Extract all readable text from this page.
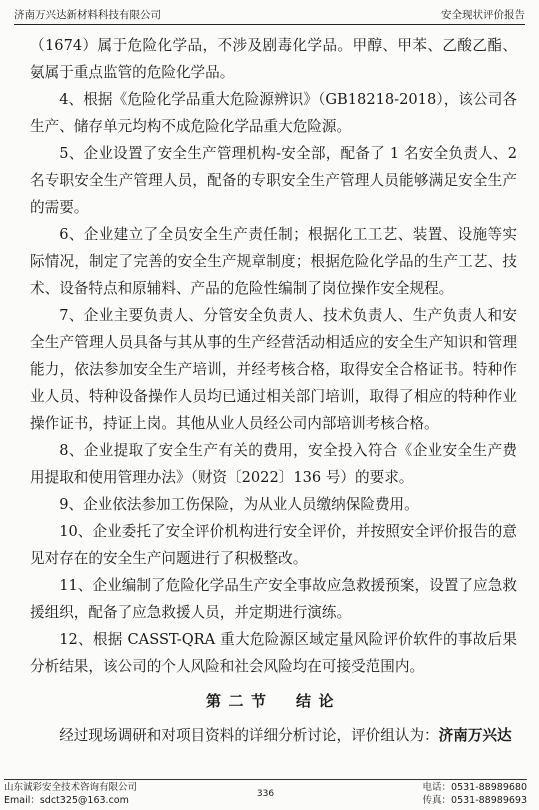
济南万兴达新材料科技有限公司	安全现状评价报告

（1674）属于危险化学品，不涉及剧毒化学品。甲醇、甲苯、乙酸乙酯、氨属于重点监管的危险化学品。

4、根据《危险化学品重大危险源辨识》（GB18218-2018），该公司各生产、储存单元均构不成危险化学品重大危险源。

5、企业设置了安全生产管理机构-安全部，配备了 1 名安全负责人、2 名专职安全生产管理人员，配备的专职安全生产管理人员能够满足安全生产的需要。

6、企业建立了全员安全生产责任制；根据化工工艺、装置、设施等实际情况，制定了完善的安全生产规章制度；根据危险化学品的生产工艺、技术、设备特点和原辅料、产品的危险性编制了岗位操作安全规程。

7、企业主要负责人、分管安全负责人、技术负责人、生产负责人和安全生产管理人员具备与其从事的生产经营活动相适应的安全生产知识和管理能力，依法参加安全生产培训，并经考核合格，取得安全合格证书。特种作业人员、特种设备操作人员均已通过相关部门培训，取得了相应的特种作业操作证书，持证上岗。其他从业人员经公司内部培训考核合格。

8、企业提取了安全生产有关的费用，安全投入符合《企业安全生产费用提取和使用管理办法》（财资〔2022〕136 号）的要求。

9、企业依法参加工伤保险，为从业人员缴纳保险费用。

10、企业委托了安全评价机构进行安全评价，并按照安全评价报告的意见对存在的安全生产问题进行了积极整改。

11、企业编制了危险化学品生产安全事故应急救援预案，设置了应急救援组织，配备了应急救援人员，并定期进行演练。

12、根据 CASST-QRA 重大危险源区域定量风险评价软件的事故后果分析结果，该公司的个人风险和社会风险均在可接受范围内。

第二节　结论

经过现场调研和对项目资料的详细分析讨论，评价组认为：济南万兴达

山东诚彩安全技术咨询有限公司
Email：sdct325@163.com
336
电话：0531-88989680
传真：0531-88989693
